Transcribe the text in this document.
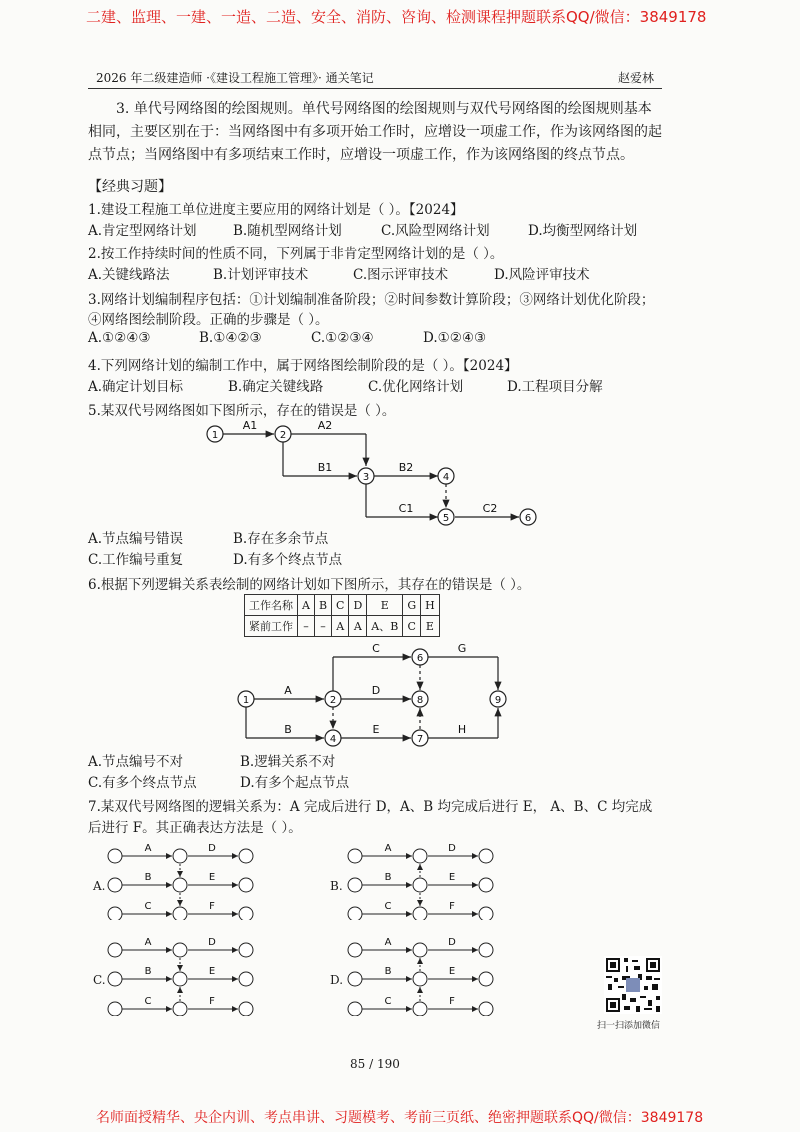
二建、监理、一建、一造、二造、安全、消防、咨询、检测课程押题联系QQ/微信：3849178
2026 年二级建造师 ·《建设工程施工管理》· 通关笔记	赵爱林
3. 单代号网络图的绘图规则。单代号网络图的绘图规则与双代号网络图的绘图规则基本相同，主要区别在于：当网络图中有多项开始工作时，应增设一项虚工作，作为该网络图的起点节点；当网络图中有多项结束工作时，应增设一项虚工作，作为该网络图的终点节点。
【经典习题】
1.建设工程施工单位进度主要应用的网络计划是（ ）。【2024】
A.肯定型网络计划	B.随机型网络计划	C.风险型网络计划	D.均衡型网络计划
2.按工作持续时间的性质不同，下列属于非肯定型网络计划的是（ ）。
A.关键线路法	B.计划评审技术	C.图示评审技术	D.风险评审技术
3.网络计划编制程序包括：①计划编制准备阶段；②时间参数计算阶段；③网络计划优化阶段；
④网络图绘制阶段。正确的步骤是（ ）。
A.①②④③	B.①④②③	C.①②③④	D.①②④③
4.下列网络计划的编制工作中，属于网络图绘制阶段的是（ ）。【2024】
A.确定计划目标	B.确定关键线路	C.优化网络计划	D.工程项目分解
5.某双代号网络图如下图所示，存在的错误是（ ）。
1	2
3	4
5	6
A1	A2
B1	B2
C1	C2
A.节点编号错误	B.存在多余节点
C.工作编号重复	D.有多个终点节点
6.根据下列逻辑关系表绘制的网络计划如下图所示，其存在的错误是（ ）。
工作名称	A	B	C	D	E	G	H
紧前工作	–	–	A	A	A、B	C	E
1	2
4
6
8
7
9
A
B
C
D
E
G
H
A.节点编号不对	B.逻辑关系不对
C.有多个终点节点	D.有多个起点节点
7.某双代号网络图的逻辑关系为：A 完成后进行 D，A、B 均完成后进行 E， A、B、C 均完成
后进行 F。其正确表达方法是（ ）。
A.	B.
C.	D.
A	D
B	E
C	F
A	D
B	E
C	F
A	D
B	E
C	F
A	D
B	E
C	F
扫一扫添加微信
85 / 190
名师面授精华、央企内训、考点串讲、习题模考、考前三页纸、绝密押题联系QQ/微信：3849178
